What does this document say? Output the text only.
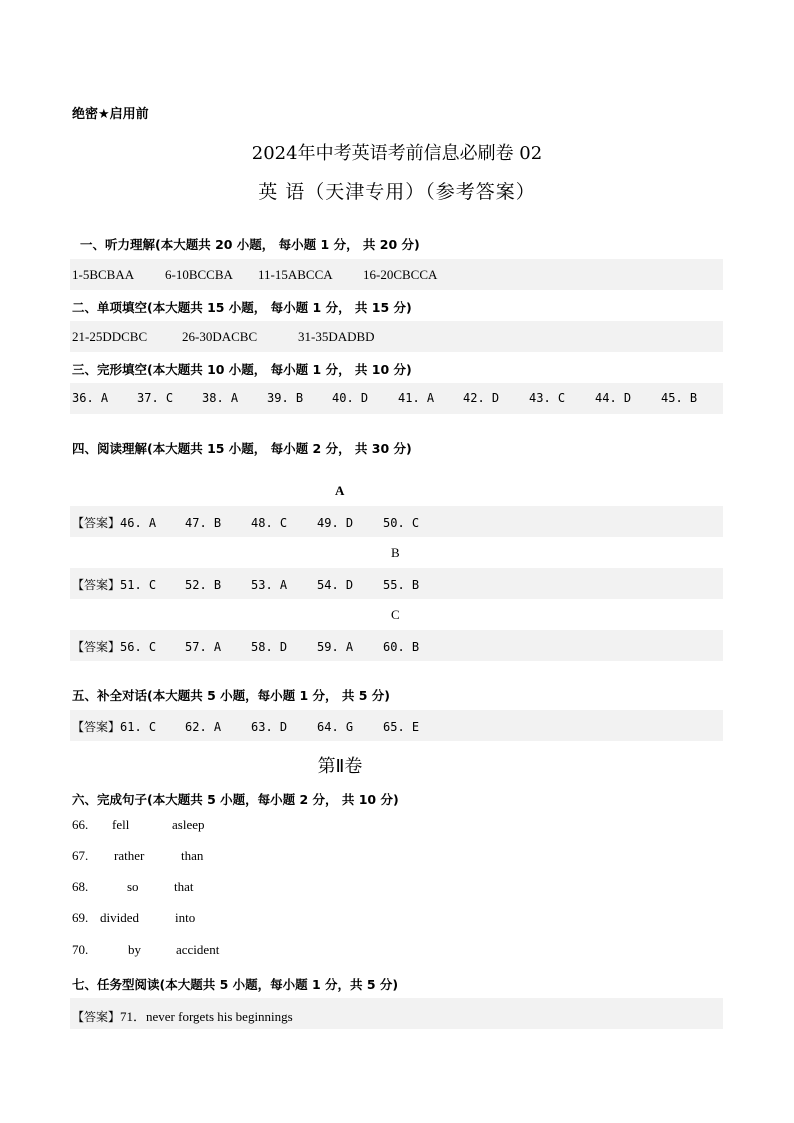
绝密★启用前
2024年中考英语考前信息必刷卷 02
英 语（天津专用）（参考答案）
一、听力理解(本大题共 20 小题， 每小题 1 分， 共 20 分)
1-5BCBAA 6-10BCCBA 11-15ABCCA 16-20CBCCA
二、单项填空(本大题共 15 小题， 每小题 1 分， 共 15 分)
21-25DDCBC	26-30DACBC	31-35DADBD
三、完形填空(本大题共 10 小题， 每小题 1 分， 共 10 分)
36. A 37. C 38. A 39. B 40. D 41. A 42. D 43. C 44. D 45. B
四、阅读理解(本大题共 15 小题， 每小题 2 分， 共 30 分)
A
【答案】46. A 47. B 48. C 49. D 50. C
B
【答案】51. C 52. B 53. A 54. D 55. B
C
【答案】56. C 57. A 58. D 59. A 60. B
五、补全对话(本大题共 5 小题，每小题 1 分， 共 5 分)
【答案】61. C 62. A 63. D 64. G 65. E
第Ⅱ卷
六、完成句子(本大题共 5 小题，每小题 2 分， 共 10 分)
66. fell	asleep
67. rather	than
68.	so	that
69. divided	into
70.	by	accident
七、任务型阅读(本大题共 5 小题，每小题 1 分，共 5 分)
【答案】71．never forgets his beginnings
